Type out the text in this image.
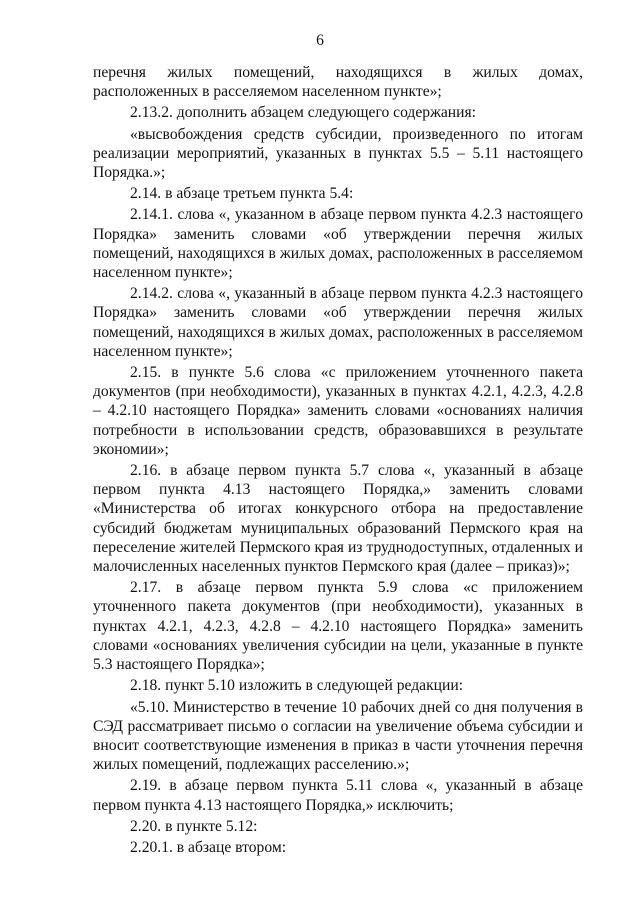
6

перечня жилых помещений, находящихся в жилых домах, расположенных в расселяемом населенном пункте»;

2.13.2. дополнить абзацем следующего содержания:

«высвобождения средств субсидии, произведенного по итогам реализации мероприятий, указанных в пунктах 5.5 – 5.11 настоящего Порядка.»;

2.14. в абзаце третьем пункта 5.4:

2.14.1. слова «, указанном в абзаце первом пункта 4.2.3 настоящего Порядка» заменить словами «об утверждении перечня жилых помещений, находящихся в жилых домах, расположенных в расселяемом населенном пункте»;

2.14.2. слова «, указанный в абзаце первом пункта 4.2.3 настоящего Порядка» заменить словами «об утверждении перечня жилых помещений, находящихся в жилых домах, расположенных в расселяемом населенном пункте»;

2.15. в пункте 5.6 слова «с приложением уточненного пакета документов (при необходимости), указанных в пунктах 4.2.1, 4.2.3, 4.2.8 – 4.2.10 настоящего Порядка» заменить словами «основаниях наличия потребности в использовании средств, образовавшихся в результате экономии»;

2.16. в абзаце первом пункта 5.7 слова «, указанный в абзаце первом пункта 4.13 настоящего Порядка,» заменить словами «Министерства об итогах конкурсного отбора на предоставление субсидий бюджетам муниципальных образований Пермского края на переселение жителей Пермского края из труднодоступных, отдаленных и малочисленных населенных пунктов Пермского края (далее – приказ)»;

2.17. в абзаце первом пункта 5.9 слова «с приложением уточненного пакета документов (при необходимости), указанных в пунктах 4.2.1, 4.2.3, 4.2.8 – 4.2.10 настоящего Порядка» заменить словами «основаниях увеличения субсидии на цели, указанные в пункте 5.3 настоящего Порядка»;

2.18. пункт 5.10 изложить в следующей редакции:

«5.10. Министерство в течение 10 рабочих дней со дня получения в СЭД рассматривает письмо о согласии на увеличение объема субсидии и вносит соответствующие изменения в приказ в части уточнения перечня жилых помещений, подлежащих расселению.»;

2.19. в абзаце первом пункта 5.11 слова «, указанный в абзаце первом пункта 4.13 настоящего Порядка,» исключить;

2.20. в пункте 5.12:

2.20.1. в абзаце втором:
